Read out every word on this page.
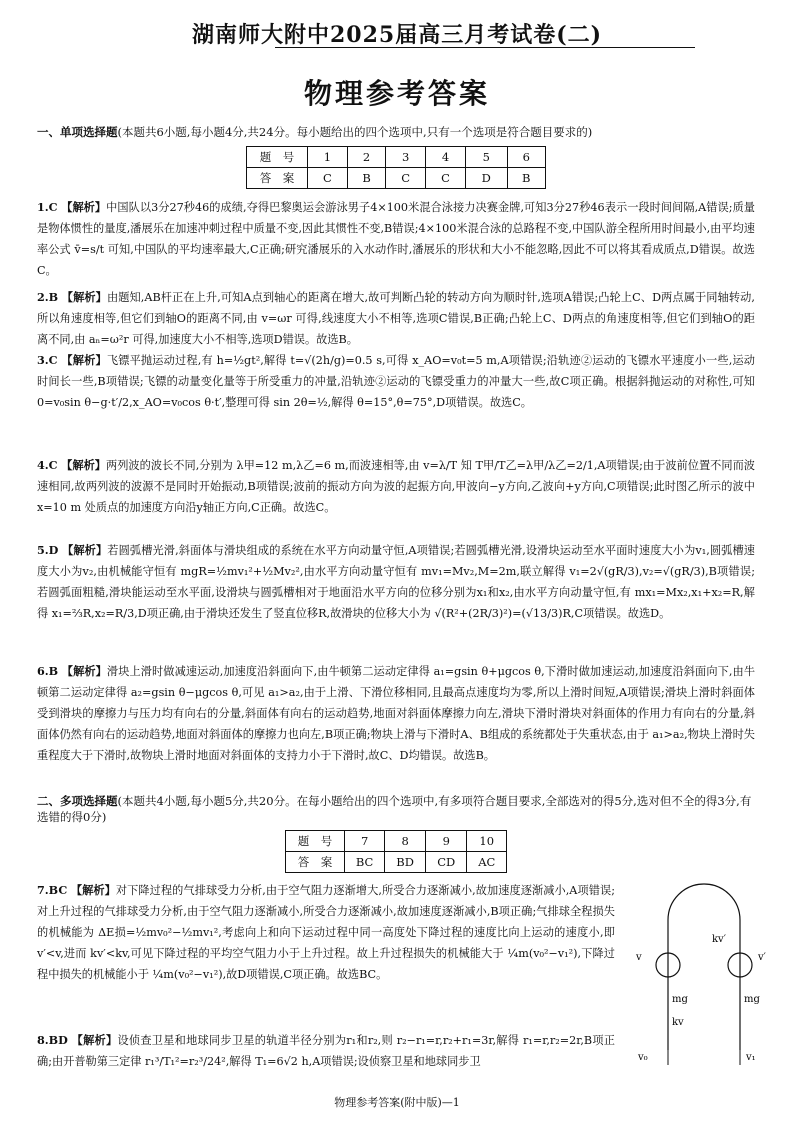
湖南师大附中2025届高三月考试卷(二)
物理参考答案
一、单项选择题(本题共6小题,每小题4分,共24分。每小题给出的四个选项中,只有一个选项是符合题目要求的)
题　号	1	2	3	4	5	6
答　案	C	B	C	C	D	B
1.C 【解析】中国队以3分27秒46的成绩,夺得巴黎奥运会游泳男子4×100米混合泳接力决赛金牌,可知3分27秒46表示一段时间间隔,A错误;质量是物体惯性的量度,潘展乐在加速冲刺过程中质量不变,因此其惯性不变,B错误;4×100米混合泳的总路程不变,中国队游全程所用时间最小,由平均速率公式 v̄=s/t 可知,中国队的平均速率最大,C正确;研究潘展乐的入水动作时,潘展乐的形状和大小不能忽略,因此不可以将其看成质点,D错误。故选C。
2.B 【解析】由题知,AB杆正在上升,可知A点到轴心的距离在增大,故可判断凸轮的转动方向为顺时针,选项A错误;凸轮上C、D两点属于同轴转动,所以角速度相等,但它们到轴O的距离不同,由 v=ωr 可得,线速度大小不相等,选项C错误,B正确;凸轮上C、D两点的角速度相等,但它们到轴O的距离不同,由 aₙ=ω²r 可得,加速度大小不相等,选项D错误。故选B。
3.C 【解析】飞镖平抛运动过程,有 h=½gt²,解得 t=√(2h/g)=0.5 s,可得 x_AO=v₀t=5 m,A项错误;沿轨迹②运动的飞镖水平速度小一些,运动时间长一些,B项错误;飞镖的动量变化量等于所受重力的冲量,沿轨迹②运动的飞镖受重力的冲量大一些,故C项正确。根据斜抛运动的对称性,可知 0=v₀sin θ−g·t′/2,x_AO=v₀cos θ·t′,整理可得 sin 2θ=½,解得 θ=15°,θ=75°,D项错误。故选C。
4.C 【解析】两列波的波长不同,分别为 λ甲=12 m,λ乙=6 m,而波速相等,由 v=λ/T 知 T甲/T乙=λ甲/λ乙=2/1,A项错误;由于波前位置不同而波速相同,故两列波的波源不是同时开始振动,B项错误;波前的振动方向为波的起振方向,甲波向−y方向,乙波向+y方向,C项错误;此时图乙所示的波中 x=10 m 处质点的加速度方向沿y轴正方向,C正确。故选C。
5.D 【解析】若圆弧槽光滑,斜面体与滑块组成的系统在水平方向动量守恒,A项错误;若圆弧槽光滑,设滑块运动至水平面时速度大小为v₁,圆弧槽速度大小为v₂,由机械能守恒有 mgR=½mv₁²+½Mv₂²,由水平方向动量守恒有 mv₁=Mv₂,M=2m,联立解得 v₁=2√(gR/3),v₂=√(gR/3),B项错误;若圆弧面粗糙,滑块能运动至水平面,设滑块与圆弧槽相对于地面沿水平方向的位移分别为x₁和x₂,由水平方向动量守恒,有 mx₁=Mx₂,x₁+x₂=R,解得 x₁=⅔R,x₂=R/3,D项正确,由于滑块还发生了竖直位移R,故滑块的位移大小为 √(R²+(2R/3)²)=(√13/3)R,C项错误。故选D。
6.B 【解析】滑块上滑时做减速运动,加速度沿斜面向下,由牛顿第二运动定律得 a₁=gsin θ+μgcos θ,下滑时做加速运动,加速度沿斜面向下,由牛顿第二运动定律得 a₂=gsin θ−μgcos θ,可见 a₁>a₂,由于上滑、下滑位移相同,且最高点速度均为零,所以上滑时间短,A项错误;滑块上滑时斜面体受到滑块的摩擦力与压力均有向右的分量,斜面体有向右的运动趋势,地面对斜面体摩擦力向左,滑块下滑时滑块对斜面体的作用力有向右的分量,斜面体仍然有向右的运动趋势,地面对斜面体的摩擦力也向左,B项正确;物块上滑与下滑时A、B组成的系统都处于失重状态,由于 a₁>a₂,物块上滑时失重程度大于下滑时,故物块上滑时地面对斜面体的支持力小于下滑时,故C、D均错误。故选B。
二、多项选择题(本题共4小题,每小题5分,共20分。在每小题给出的四个选项中,有多项符合题目要求,全部选对的得5分,选对但不全的得3分,有选错的得0分)
题　号	7	8	9	10
答　案	BC	BD	CD	AC
7.BC 【解析】对下降过程的气排球受力分析,由于空气阻力逐渐增大,所受合力逐渐减小,故加速度逐渐减小,A项错误;对上升过程的气排球受力分析,由于空气阻力逐渐减小,所受合力逐渐减小,故加速度逐渐减小,B项正确;气排球全程损失的机械能为 ΔE损=½mv₀²−½mv₁²,考虑向上和向下运动过程中同一高度处下降过程的速度比向上运动的速度小,即 v′<v,进而 kv′<kv,可见下降过程的平均空气阻力小于上升过程。故上升过程损失的机械能大于 ¼m(v₀²−v₁²),下降过程中损失的机械能小于 ¼m(v₀²−v₁²),故D项错误,C项正确。故选BC。
8.BD 【解析】设侦查卫星和地球同步卫星的轨道半径分别为r₁和r₂,则 r₂−r₁=r,r₂+r₁=3r,解得 r₁=r,r₂=2r,B项正确;由开普勒第三定律 r₁³/T₁²=r₂³/24²,解得 T₁=6√2 h,A项错误;设侦察卫星和地球同步卫
v
kv′
v′
mg	mg
kv
v₀	v₁
物理参考答案(附中版)—1
